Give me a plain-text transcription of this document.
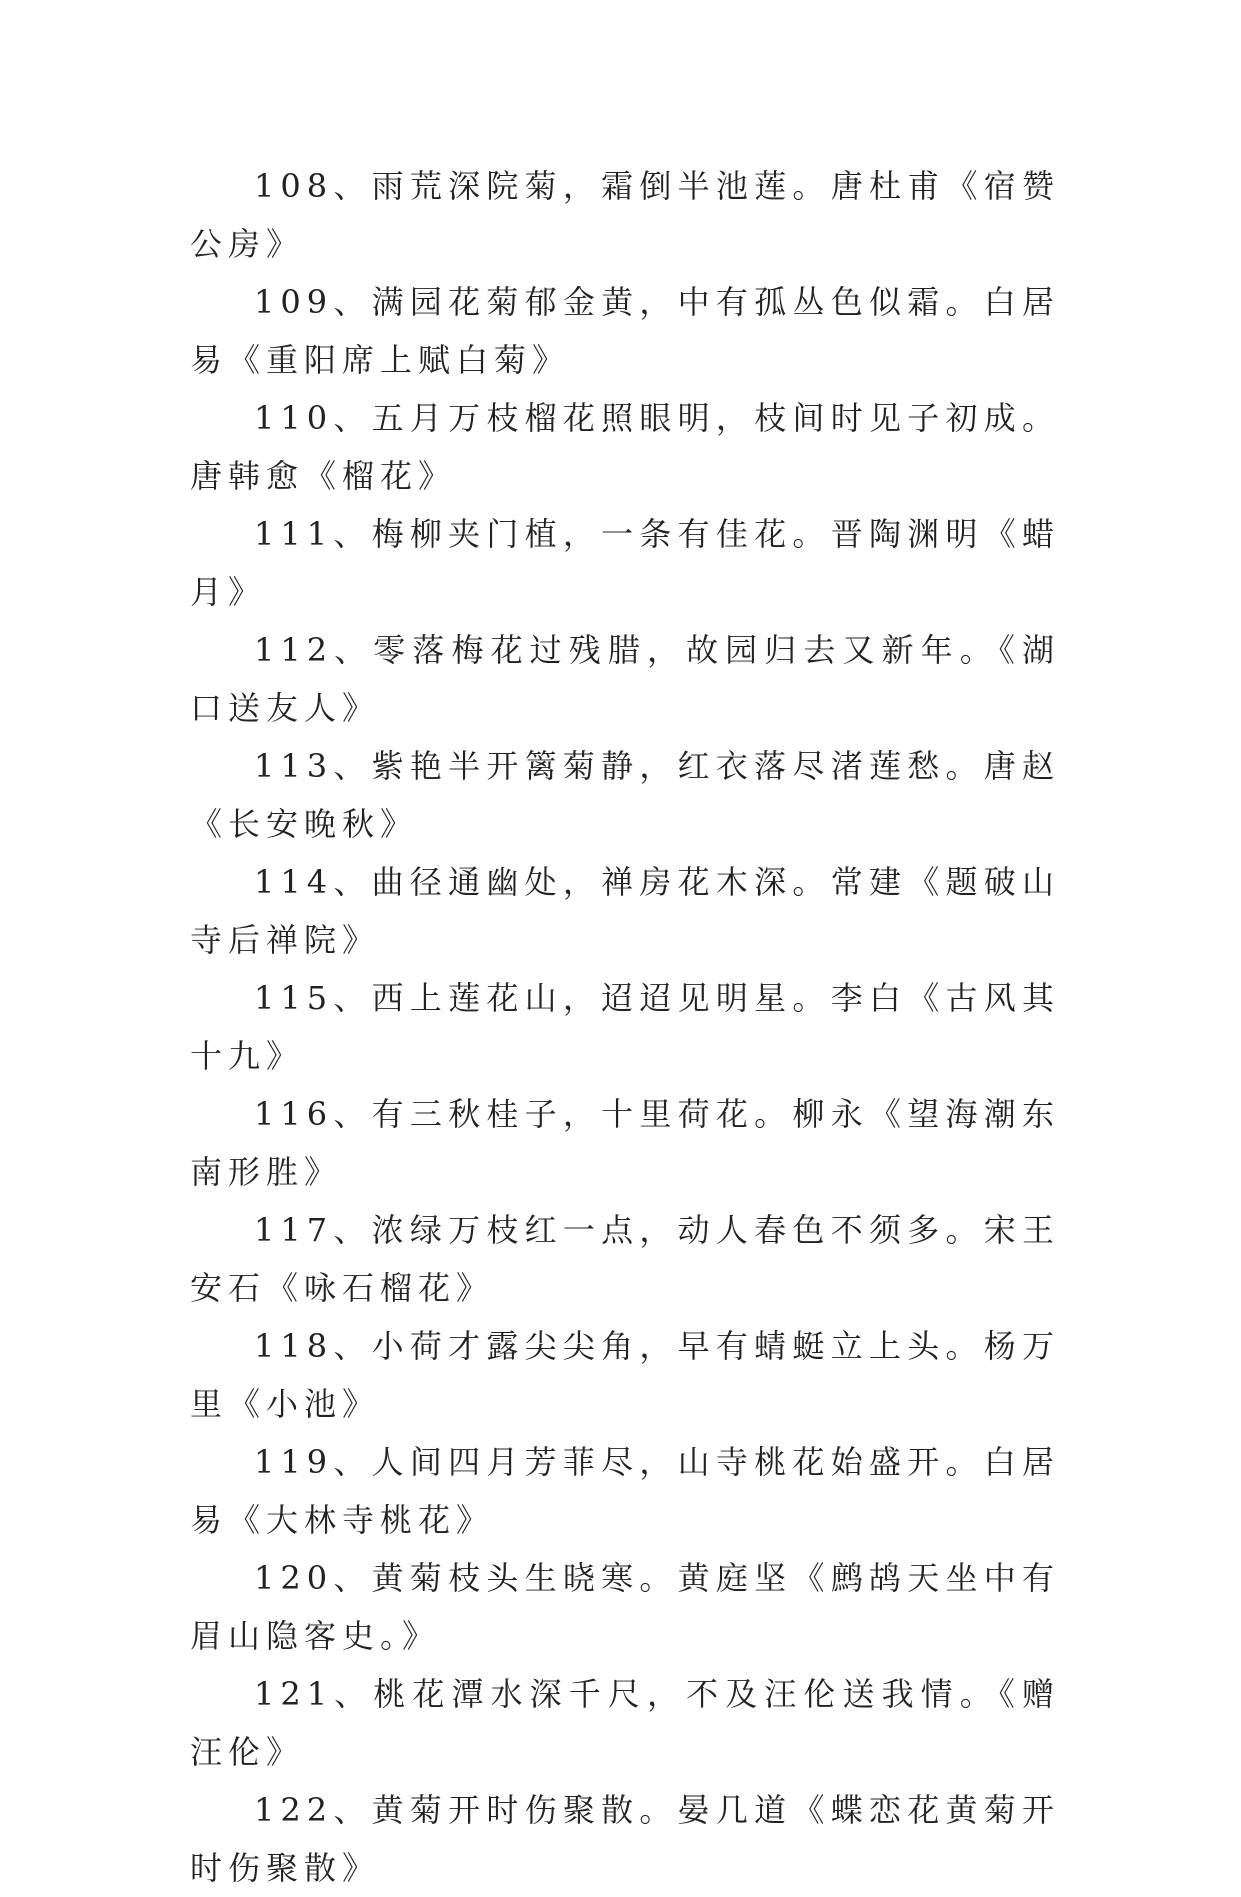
108、雨荒深院菊，霜倒半池莲。唐杜甫《宿赞公房》

109、满园花菊郁金黄，中有孤丛色似霜。白居易《重阳席上赋白菊》

110、五月万枝榴花照眼明，枝间时见子初成。唐韩愈《榴花》

111、梅柳夹门植，一条有佳花。晋陶渊明《蜡月》

112、零落梅花过残腊，故园归去又新年。《湖口送友人》

113、紫艳半开篱菊静，红衣落尽渚莲愁。唐赵《长安晚秋》

114、曲径通幽处，禅房花木深。常建《题破山寺后禅院》

115、西上莲花山，迢迢见明星。李白《古风其十九》

116、有三秋桂子，十里荷花。柳永《望海潮东南形胜》

117、浓绿万枝红一点，动人春色不须多。宋王安石《咏石榴花》

118、小荷才露尖尖角，早有蜻蜓立上头。杨万里《小池》

119、人间四月芳菲尽，山寺桃花始盛开。白居易《大林寺桃花》

120、黄菊枝头生晓寒。黄庭坚《鹧鸪天坐中有眉山隐客史。》

121、桃花潭水深千尺，不及汪伦送我情。《赠汪伦》

122、黄菊开时伤聚散。晏几道《蝶恋花黄菊开时伤聚散》
